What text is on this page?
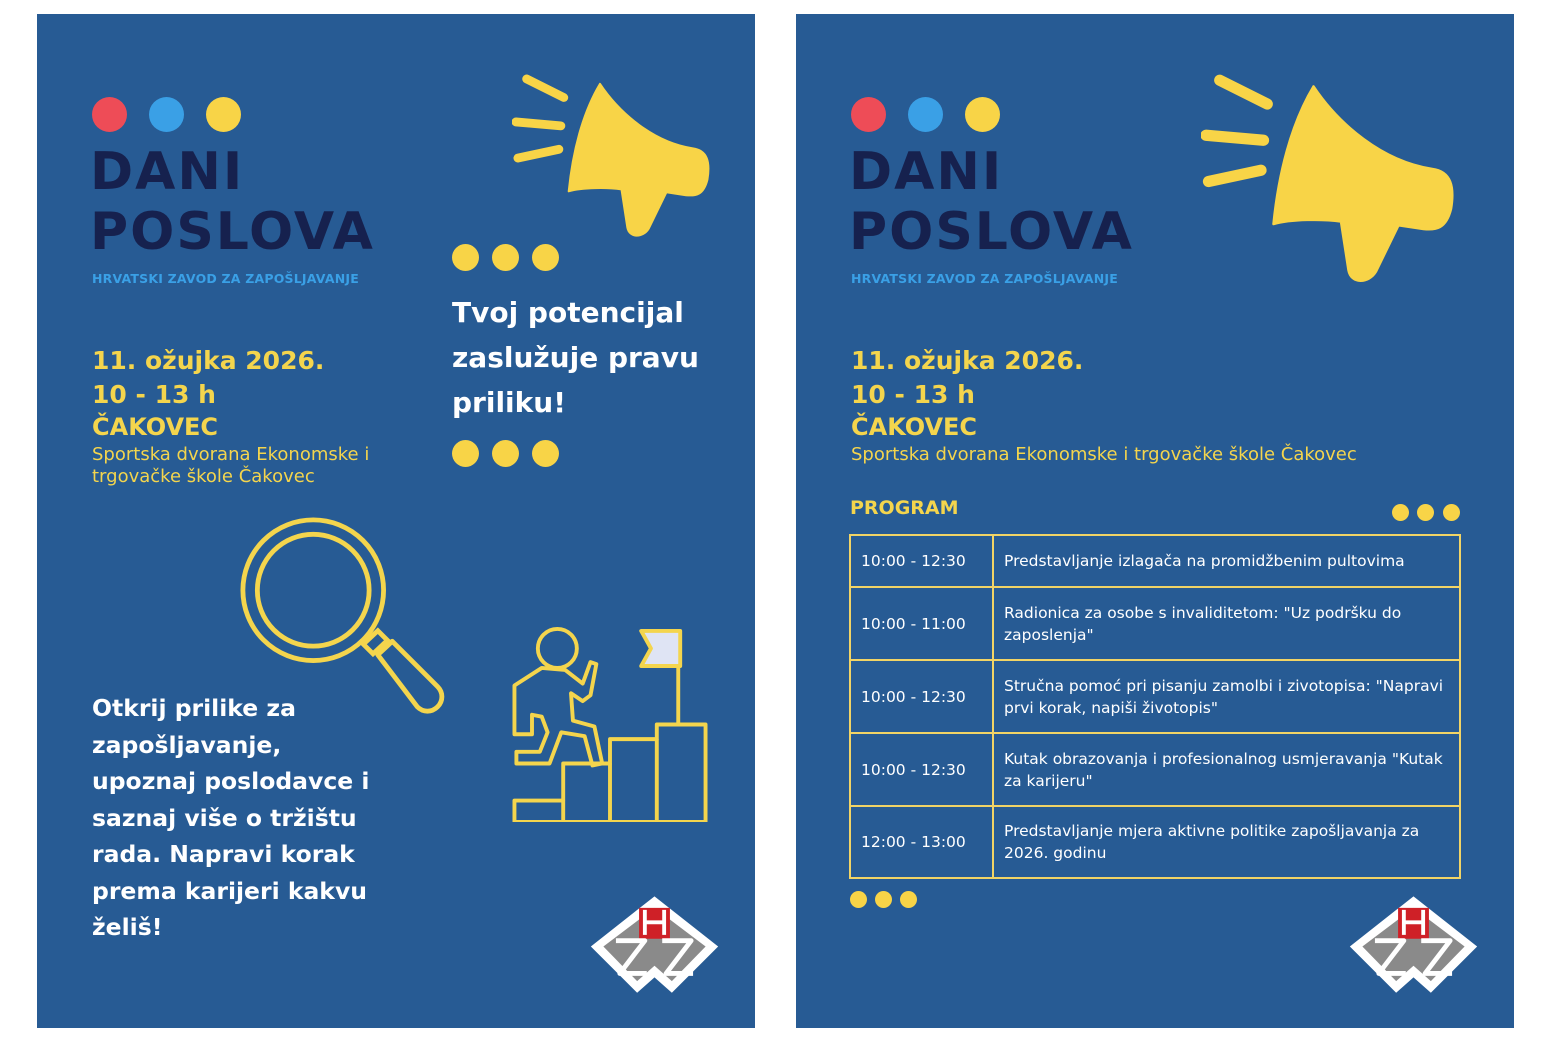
DANI
POSLOVA
HRVATSKI ZAVOD ZA ZAPOŠLJAVANJE
11. ožujka 2026.
10 - 13 h
ČAKOVEC
Sportska dvorana Ekonomske i trgovačke škole Čakovec
Tvoj potencijal zaslužuje pravu priliku!
Otkrij prilike za zapošljavanje, upoznaj poslodavce i saznaj više o tržištu rada. Napravi korak prema karijeri kakvu želiš!
DANI
POSLOVA
HRVATSKI ZAVOD ZA ZAPOŠLJAVANJE
11. ožujka 2026.
10 - 13 h
ČAKOVEC
Sportska dvorana Ekonomske i trgovačke škole Čakovec
PROGRAM
10:00 - 12:30	Predstavljanje izlagača na promidžbenim pultovima
10:00 - 11:00	Radionica za osobe s invaliditetom: "Uz podršku do zaposlenja"
10:00 - 12:30	Stručna pomoć pri pisanju zamolbi i zivotopisa: "Napravi prvi korak, napiši životopis"
10:00 - 12:30	Kutak obrazovanja i profesionalnog usmjeravanja "Kutak za karijeru"
12:00 - 13:00	Predstavljanje mjera aktivne politike zapošljavanja za 2026. godinu
